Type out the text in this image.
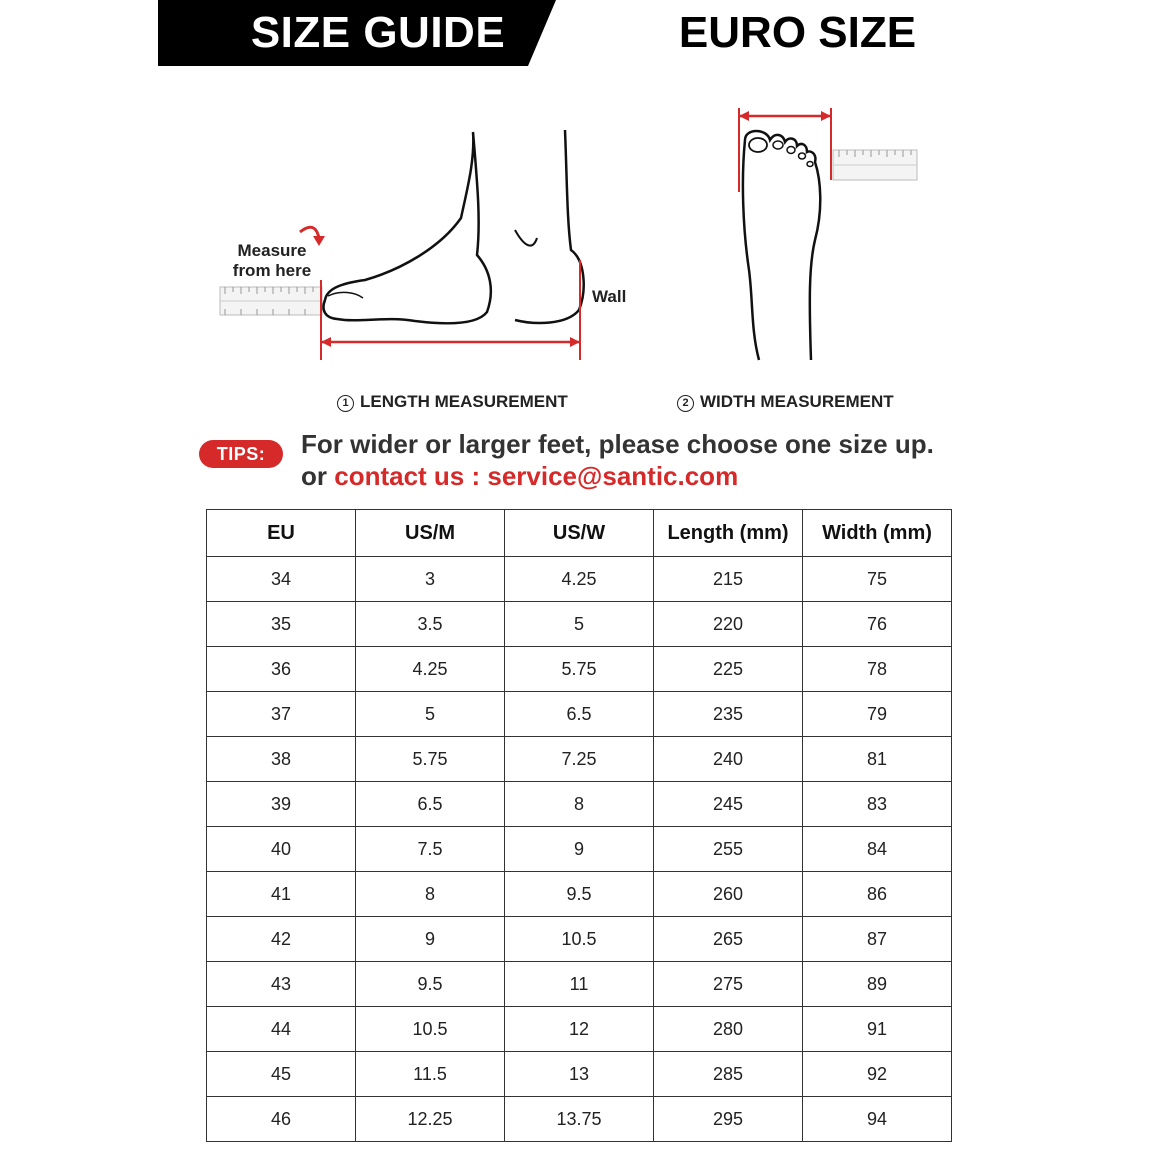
SIZE GUIDE	EURO SIZE
Measure
from here
Wall
1 LENGTH MEASUREMENT	2 WIDTH MEASUREMENT
TIPS:	For wider or larger feet, please choose one size up.
or contact us : service@santic.com
EU	US/M	US/W	Length (mm)	Width (mm)
34	3	4.25	215	75
35	3.5	5	220	76
36	4.25	5.75	225	78
37	5	6.5	235	79
38	5.75	7.25	240	81
39	6.5	8	245	83
40	7.5	9	255	84
41	8	9.5	260	86
42	9	10.5	265	87
43	9.5	11	275	89
44	10.5	12	280	91
45	11.5	13	285	92
46	12.25	13.75	295	94
